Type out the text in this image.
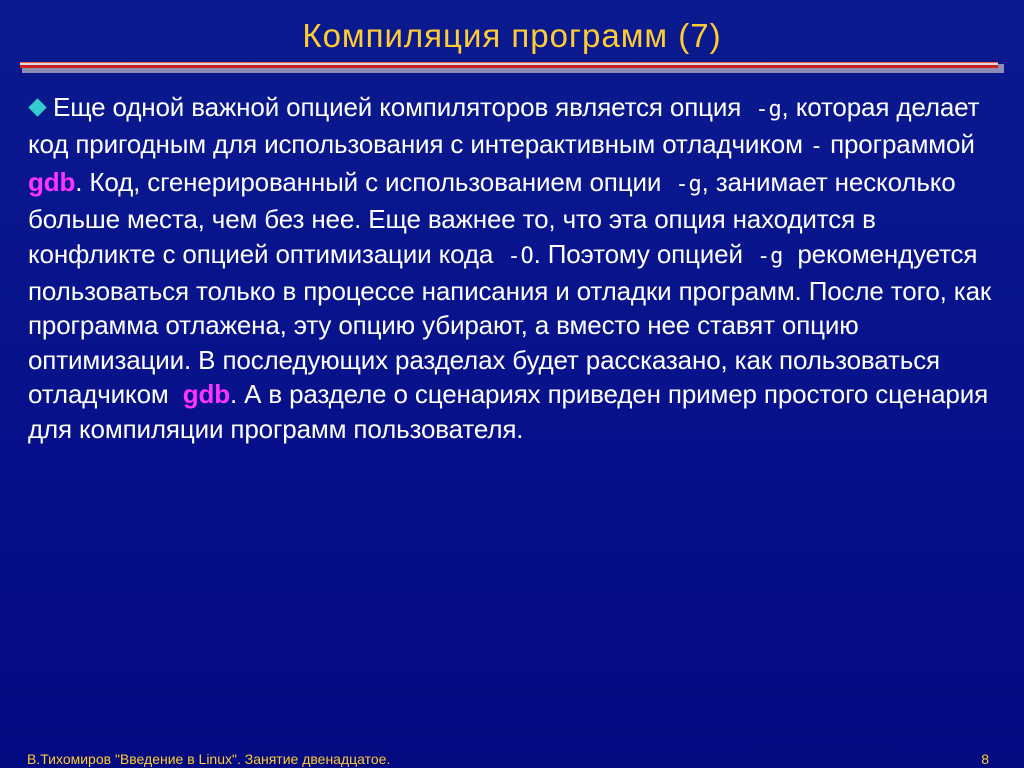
Компиляция программ (7)
Еще одной важной опцией компиляторов является опция -g, которая делает код пригодным для использования с интерактивным отладчиком - программой gdb. Код, сгенерированный с использованием опции -g, занимает несколько больше места, чем без нее. Еще важнее то, что эта опция находится в конфликте с опцией оптимизации кода -O. Поэтому опцией -g рекомендуется пользоваться только в процессе написания и отладки программ. После того, как программа отлажена, эту опцию убирают, а вместо нее ставят опцию оптимизации. В последующих разделах будет рассказано, как пользоваться отладчиком gdb. А в разделе о сценариях приведен пример простого сценария для компиляции программ пользователя.
В.Тихомиров "Введение в Linux". Занятие двенадцатое.	8
